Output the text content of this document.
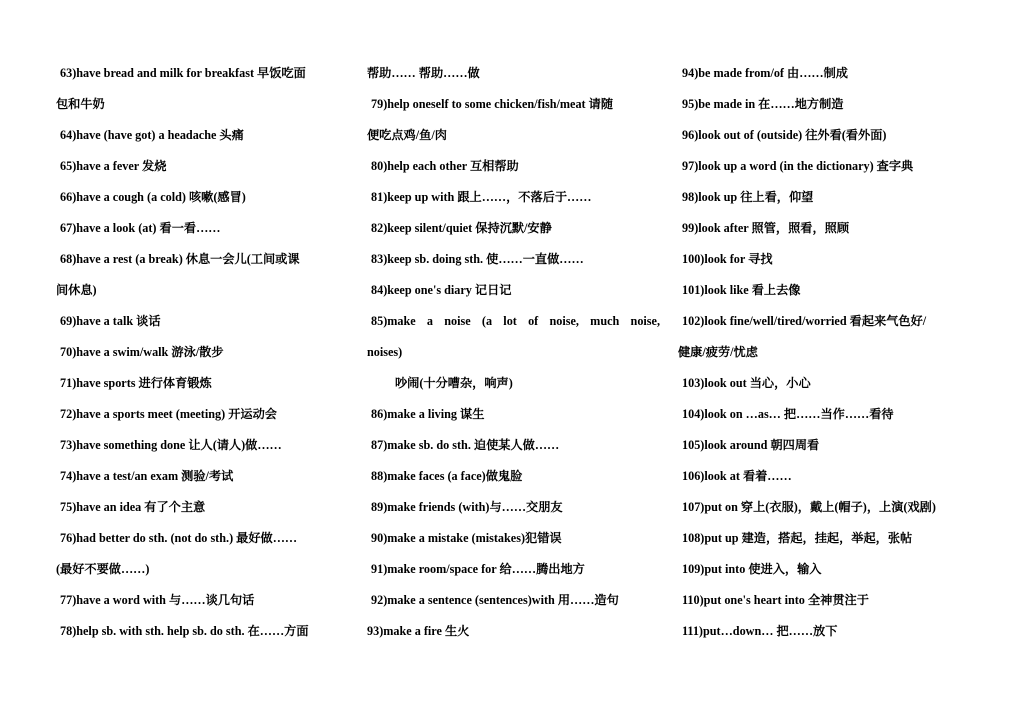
63)have bread and milk for breakfast 早饭吃面
包和牛奶
64)have (have got) a headache 头痛
65)have a fever 发烧
66)have a cough (a cold) 咳嗽(感冒)
67)have a look (at) 看一看……
68)have a rest (a break) 休息一会儿(工间或课
间休息)
69)have a talk 谈话
70)have a swim/walk 游泳/散步
71)have sports 进行体育锻炼
72)have a sports meet (meeting) 开运动会
73)have something done 让人(请人)做……
74)have a test/an exam 测验/考试
75)have an idea 有了个主意
76)had better do sth. (not do sth.) 最好做……
(最好不要做……)
77)have a word with 与……谈几句话
78)help sb. with sth. help sb. do sth. 在……方面
帮助…… 帮助……做
79)help oneself to some chicken/fish/meat 请随
便吃点鸡/鱼/肉
80)help each other 互相帮助
81)keep up with 跟上……，不落后于……
82)keep silent/quiet 保持沉默/安静
83)keep sb. doing sth. 使……一直做……
84)keep one's diary 记日记
85)make a noise (a lot of noise, much noise,
noises)
吵闹(十分嘈杂，响声)
86)make a living 谋生
87)make sb. do sth. 迫使某人做……
88)make faces (a face)做鬼脸
89)make friends (with)与……交朋友
90)make a mistake (mistakes)犯错误
91)make room/space for 给……腾出地方
92)make a sentence (sentences)with 用……造句
93)make a fire 生火
94)be made from/of 由……制成
95)be made in 在……地方制造
96)look out of (outside) 往外看(看外面)
97)look up a word (in the dictionary) 查字典
98)look up 往上看，仰望
99)look after 照管，照看，照顾
100)look for 寻找
101)look like 看上去像
102)look fine/well/tired/worried 看起来气色好/
健康/疲劳/忧虑
103)look out 当心，小心
104)look on …as… 把……当作……看待
105)look around 朝四周看
106)look at 看着……
107)put on 穿上(衣服)，戴上(帽子)，上演(戏剧)
108)put up 建造，搭起，挂起，举起，张帖
109)put into 使进入，输入
110)put one's heart into 全神贯注于
111)put…down… 把……放下
